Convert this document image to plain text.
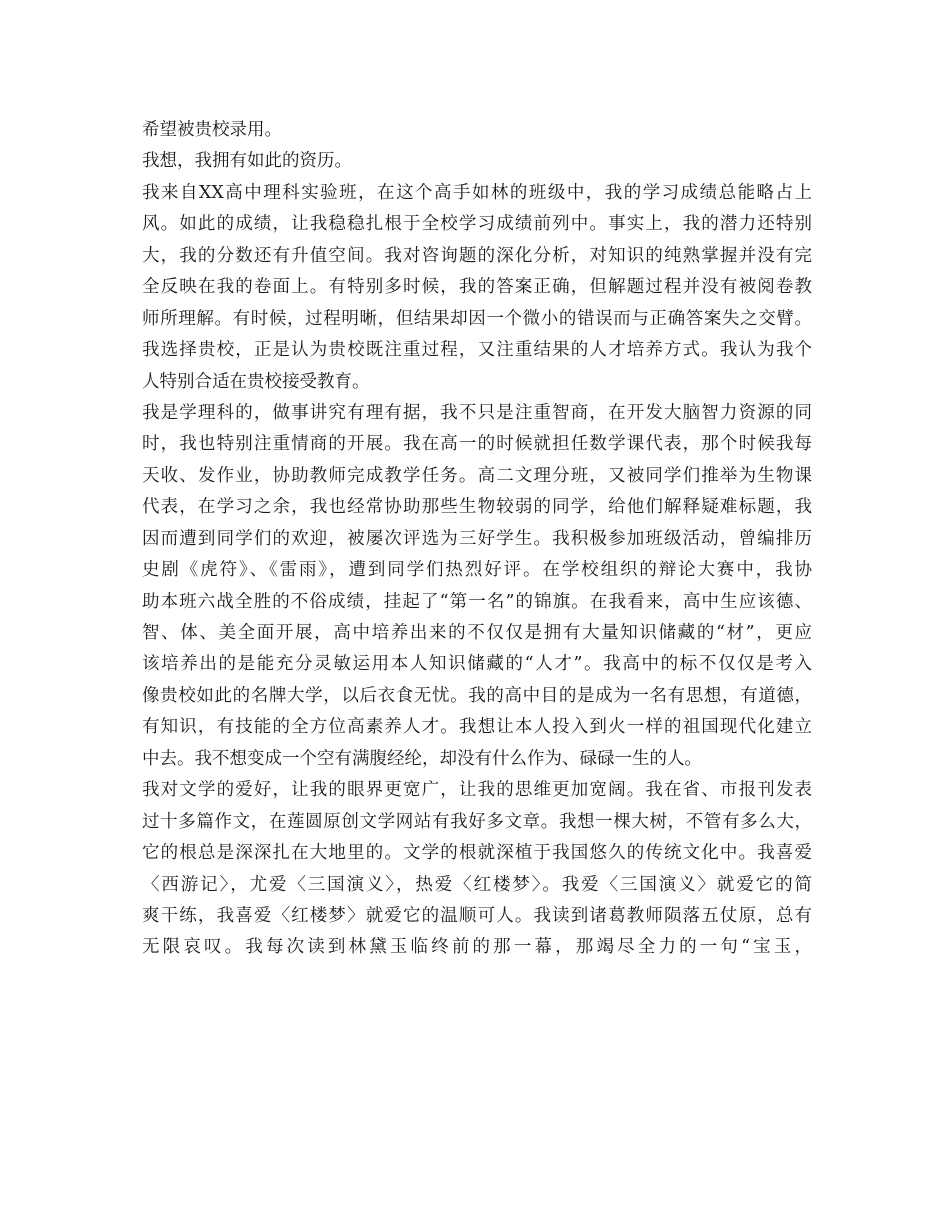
希望被贵校录用。
我想，我拥有如此的资历。
我来自XX高中理科实验班，在这个高手如林的班级中，我的学习成绩总能略占上
风。如此的成绩，让我稳稳扎根于全校学习成绩前列中。事实上，我的潜力还特别
大，我的分数还有升值空间。我对咨询题的深化分析，对知识的纯熟掌握并没有完
全反映在我的卷面上。有特别多时候，我的答案正确，但解题过程并没有被阅卷教
师所理解。有时候，过程明晰，但结果却因一个微小的错误而与正确答案失之交臂。
我选择贵校，正是认为贵校既注重过程，又注重结果的人才培养方式。我认为我个
人特别合适在贵校接受教育。
我是学理科的，做事讲究有理有据，我不只是注重智商，在开发大脑智力资源的同
时，我也特别注重情商的开展。我在高一的时候就担任数学课代表，那个时候我每
天收、发作业，协助教师完成教学任务。高二文理分班，又被同学们推举为生物课
代表，在学习之余，我也经常协助那些生物较弱的同学，给他们解释疑难标题，我
因而遭到同学们的欢迎，被屡次评选为三好学生。我积极参加班级活动，曾编排历
史剧《虎符》、《雷雨》，遭到同学们热烈好评。在学校组织的辩论大赛中，我协
助本班六战全胜的不俗成绩，挂起了“第一名”的锦旗。在我看来，高中生应该德、
智、体、美全面开展，高中培养出来的不仅仅是拥有大量知识储藏的“材”，更应
该培养出的是能充分灵敏运用本人知识储藏的“人才”。我高中的标不仅仅是考入
像贵校如此的名牌大学，以后衣食无忧。我的高中目的是成为一名有思想，有道德，
有知识，有技能的全方位高素养人才。我想让本人投入到火一样的祖国现代化建立
中去。我不想变成一个空有满腹经纶，却没有什么作为、碌碌一生的人。
我对文学的爱好，让我的眼界更宽广，让我的思维更加宽阔。我在省、市报刊发表
过十多篇作文，在莲圆原创文学网站有我好多文章。我想一棵大树，不管有多么大，
它的根总是深深扎在大地里的。文学的根就深植于我国悠久的传统文化中。我喜爱
〈西游记〉，尤爱〈三国演义〉，热爱〈红楼梦〉。我爱〈三国演义〉就爱它的简
爽干练，我喜爱〈红楼梦〉就爱它的温顺可人。我读到诸葛教师陨落五仗原，总有
无限哀叹。我每次读到林黛玉临终前的那一幕，那竭尽全力的一句“宝玉，
